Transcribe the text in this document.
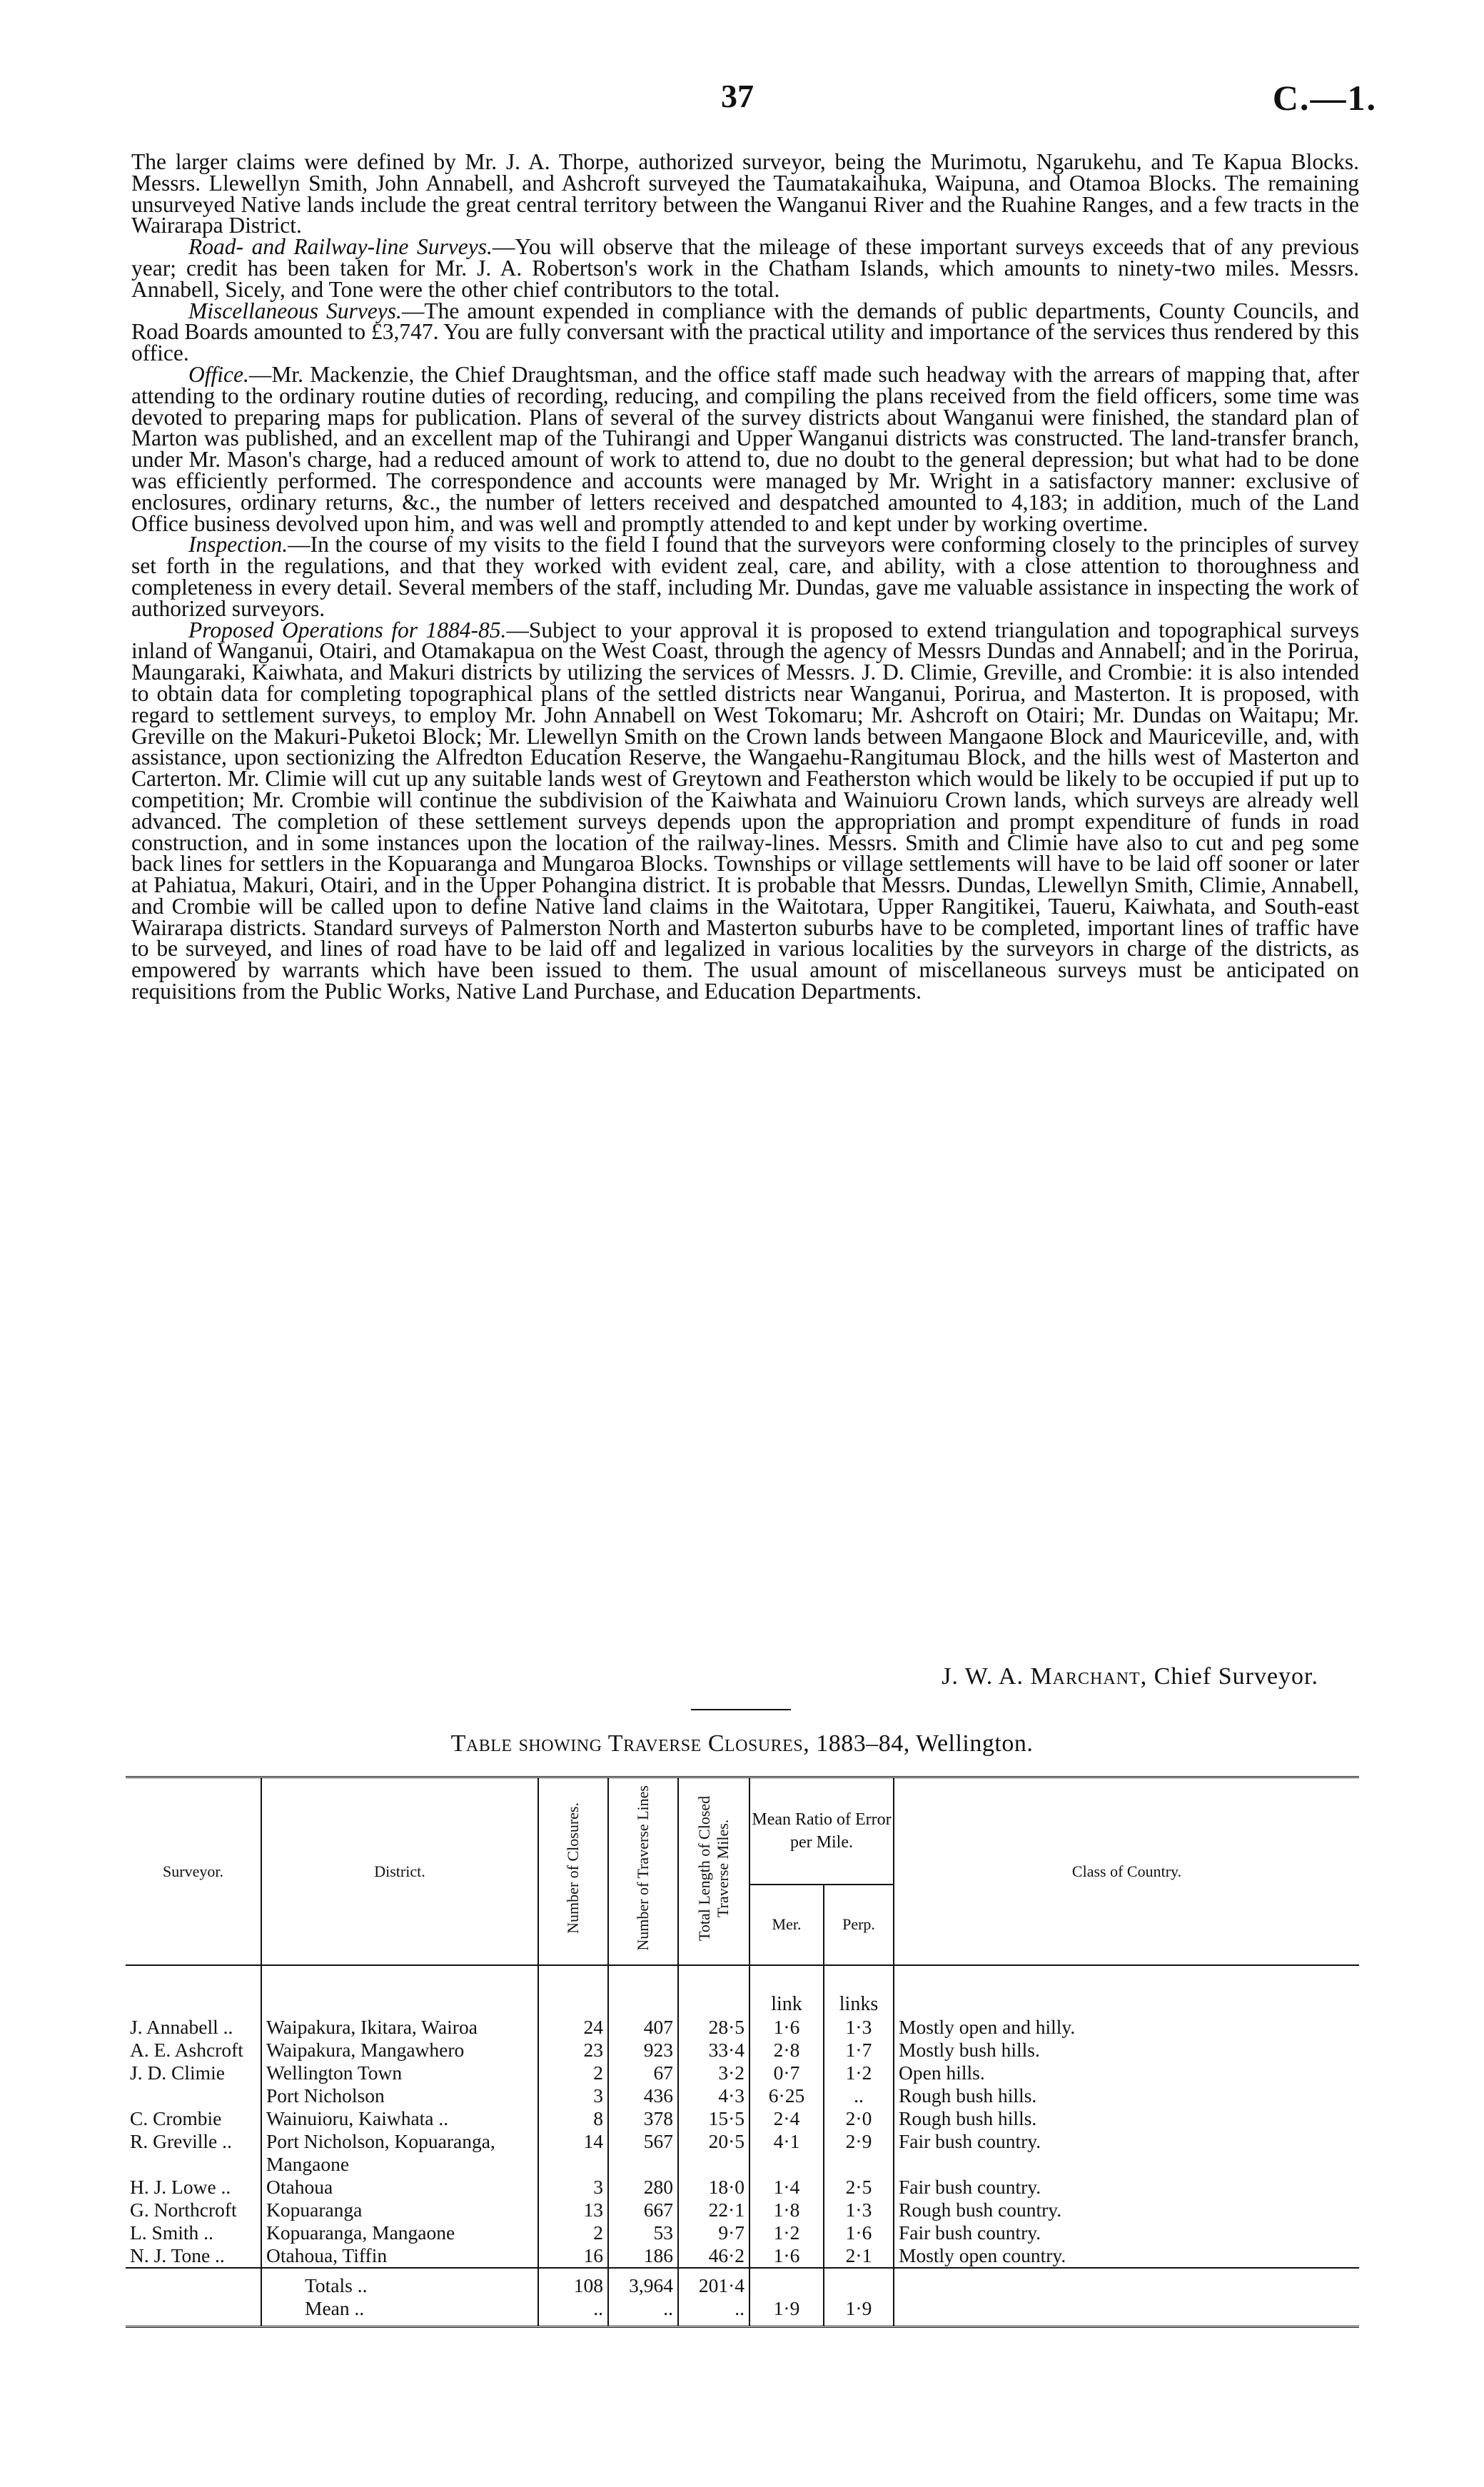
37	C.—1.

The larger claims were defined by Mr. J. A. Thorpe, authorized surveyor, being the Murimotu, Ngarukehu, and Te Kapua Blocks. Messrs. Llewellyn Smith, John Annabell, and Ashcroft surveyed the Taumatakaihuka, Waipuna, and Otamoa Blocks. The remaining unsurveyed Native lands include the great central territory between the Wanganui River and the Ruahine Ranges, and a few tracts in the Wairarapa District.

Road- and Railway-line Surveys.—You will observe that the mileage of these important surveys exceeds that of any previous year; credit has been taken for Mr. J. A. Robertson's work in the Chatham Islands, which amounts to ninety-two miles. Messrs. Annabell, Sicely, and Tone were the other chief contributors to the total.

Miscellaneous Surveys.—The amount expended in compliance with the demands of public departments, County Councils, and Road Boards amounted to £3,747. You are fully conversant with the practical utility and importance of the services thus rendered by this office.

Office.—Mr. Mackenzie, the Chief Draughtsman, and the office staff made such headway with the arrears of mapping that, after attending to the ordinary routine duties of recording, reducing, and compiling the plans received from the field officers, some time was devoted to preparing maps for publication. Plans of several of the survey districts about Wanganui were finished, the standard plan of Marton was published, and an excellent map of the Tuhirangi and Upper Wanganui districts was constructed. The land-transfer branch, under Mr. Mason's charge, had a reduced amount of work to attend to, due no doubt to the general depression; but what had to be done was efficiently performed. The correspondence and accounts were managed by Mr. Wright in a satisfactory manner: exclusive of enclosures, ordinary returns, &c., the number of letters received and despatched amounted to 4,183; in addition, much of the Land Office business devolved upon him, and was well and promptly attended to and kept under by working overtime.

Inspection.—In the course of my visits to the field I found that the surveyors were conforming closely to the principles of survey set forth in the regulations, and that they worked with evident zeal, care, and ability, with a close attention to thoroughness and completeness in every detail. Several members of the staff, including Mr. Dundas, gave me valuable assistance in inspecting the work of authorized surveyors.

Proposed Operations for 1884-85.—Subject to your approval it is proposed to extend triangulation and topographical surveys inland of Wanganui, Otairi, and Otamakapua on the West Coast, through the agency of Messrs Dundas and Annabell; and in the Porirua, Maungaraki, Kaiwhata, and Makuri districts by utilizing the services of Messrs. J. D. Climie, Greville, and Crombie: it is also intended to obtain data for completing topographical plans of the settled districts near Wanganui, Porirua, and Masterton. It is proposed, with regard to settlement surveys, to employ Mr. John Annabell on West Tokomaru; Mr. Ashcroft on Otairi; Mr. Dundas on Waitapu; Mr. Greville on the Makuri-Puketoi Block; Mr. Llewellyn Smith on the Crown lands between Mangaone Block and Mauriceville, and, with assistance, upon sectionizing the Alfredton Education Reserve, the Wangaehu-Rangitumau Block, and the hills west of Masterton and Carterton. Mr. Climie will cut up any suitable lands west of Greytown and Featherston which would be likely to be occupied if put up to competition; Mr. Crombie will continue the subdivision of the Kaiwhata and Wainuioru Crown lands, which surveys are already well advanced. The completion of these settlement surveys depends upon the appropriation and prompt expenditure of funds in road construction, and in some instances upon the location of the railway-lines. Messrs. Smith and Climie have also to cut and peg some back lines for settlers in the Kopuaranga and Mungaroa Blocks. Townships or village settlements will have to be laid off sooner or later at Pahiatua, Makuri, Otairi, and in the Upper Pohangina district. It is probable that Messrs. Dundas, Llewellyn Smith, Climie, Annabell, and Crombie will be called upon to define Native land claims in the Waitotara, Upper Rangitikei, Taueru, Kaiwhata, and South-east Wairarapa districts. Standard surveys of Palmerston North and Masterton suburbs have to be completed, important lines of traffic have to be surveyed, and lines of road have to be laid off and legalized in various localities by the surveyors in charge of the districts, as empowered by warrants which have been issued to them. The usual amount of miscellaneous surveys must be anticipated on requisitions from the Public Works, Native Land Purchase, and Education Departments.

J. W. A. Marchant, Chief Surveyor.
Table showing Traverse Closures, 1883–84, Wellington.
Surveyor.	District.	Number of Closures.	Number of Traverse Lines	Total Length of Closed Traverse Miles.	Mean Ratio of Error per Mile.		Class of Country.
					Mer.	Perp.	
					link	links	
J. Annabell ..	Waipakura, Ikitara, Wairoa	24	407	28·5	1·6	1·3	Mostly open and hilly.
A. E. Ashcroft	Waipakura, Mangawhero	23	923	33·4	2·8	1·7	Mostly bush hills.
J. D. Climie	Wellington Town	2	67	3·2	0·7	1·2	Open hills.
	Port Nicholson	3	436	4·3	6·25	..	Rough bush hills.
C. Crombie	Wainuioru, Kaiwhata ..	8	378	15·5	2·4	2·0	Rough bush hills.
R. Greville ..	Port Nicholson, Kopuaranga, Mangaone	14	567	20·5	4·1	2·9	Fair bush country.
H. J. Lowe ..	Otahoua	3	280	18·0	1·4	2·5	Fair bush country.
G. Northcroft	Kopuaranga	13	667	22·1	1·8	1·3	Rough bush country.
L. Smith ..	Kopuaranga, Mangaone	2	53	9·7	1·2	1·6	Fair bush country.
N. J. Tone ..	Otahoua, Tiffin	16	186	46·2	1·6	2·1	Mostly open country.
	Totals ..	108	3,964	201·4			
	Mean ..	..	..	..	1·9	1·9	
